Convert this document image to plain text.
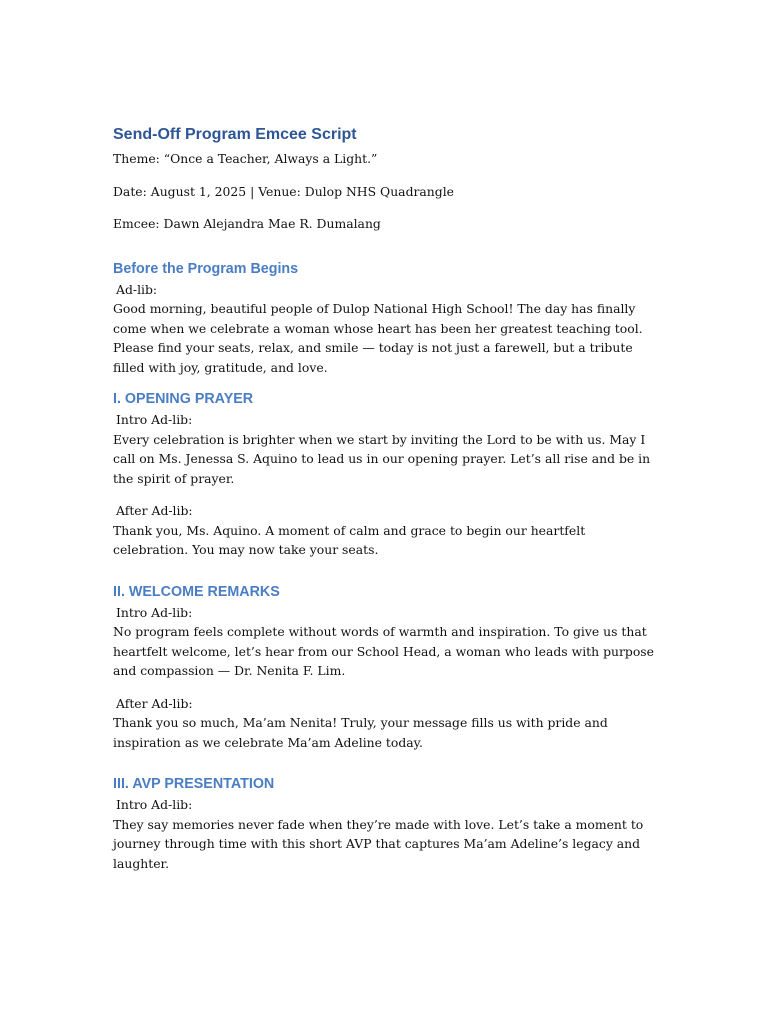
Send-Off Program Emcee Script

Theme: “Once a Teacher, Always a Light.”

Date: August 1, 2025 | Venue: Dulop NHS Quadrangle

Emcee: Dawn Alejandra Mae R. Dumalang

Before the Program Begins

Ad-lib:

Good morning, beautiful people of Dulop National High School! The day has finally come when we celebrate a woman whose heart has been her greatest teaching tool. Please find your seats, relax, and smile — today is not just a farewell, but a tribute filled with joy, gratitude, and love.

I. OPENING PRAYER

Intro Ad-lib:

Every celebration is brighter when we start by inviting the Lord to be with us. May I call on Ms. Jenessa S. Aquino to lead us in our opening prayer. Let’s all rise and be in the spirit of prayer.

After Ad-lib:

Thank you, Ms. Aquino. A moment of calm and grace to begin our heartfelt celebration. You may now take your seats.

II. WELCOME REMARKS

Intro Ad-lib:

No program feels complete without words of warmth and inspiration. To give us that heartfelt welcome, let’s hear from our School Head, a woman who leads with purpose and compassion — Dr. Nenita F. Lim.

After Ad-lib:

Thank you so much, Ma’am Nenita! Truly, your message fills us with pride and inspiration as we celebrate Ma’am Adeline today.

III. AVP PRESENTATION

Intro Ad-lib:

They say memories never fade when they’re made with love. Let’s take a moment to journey through time with this short AVP that captures Ma’am Adeline’s legacy and laughter.
